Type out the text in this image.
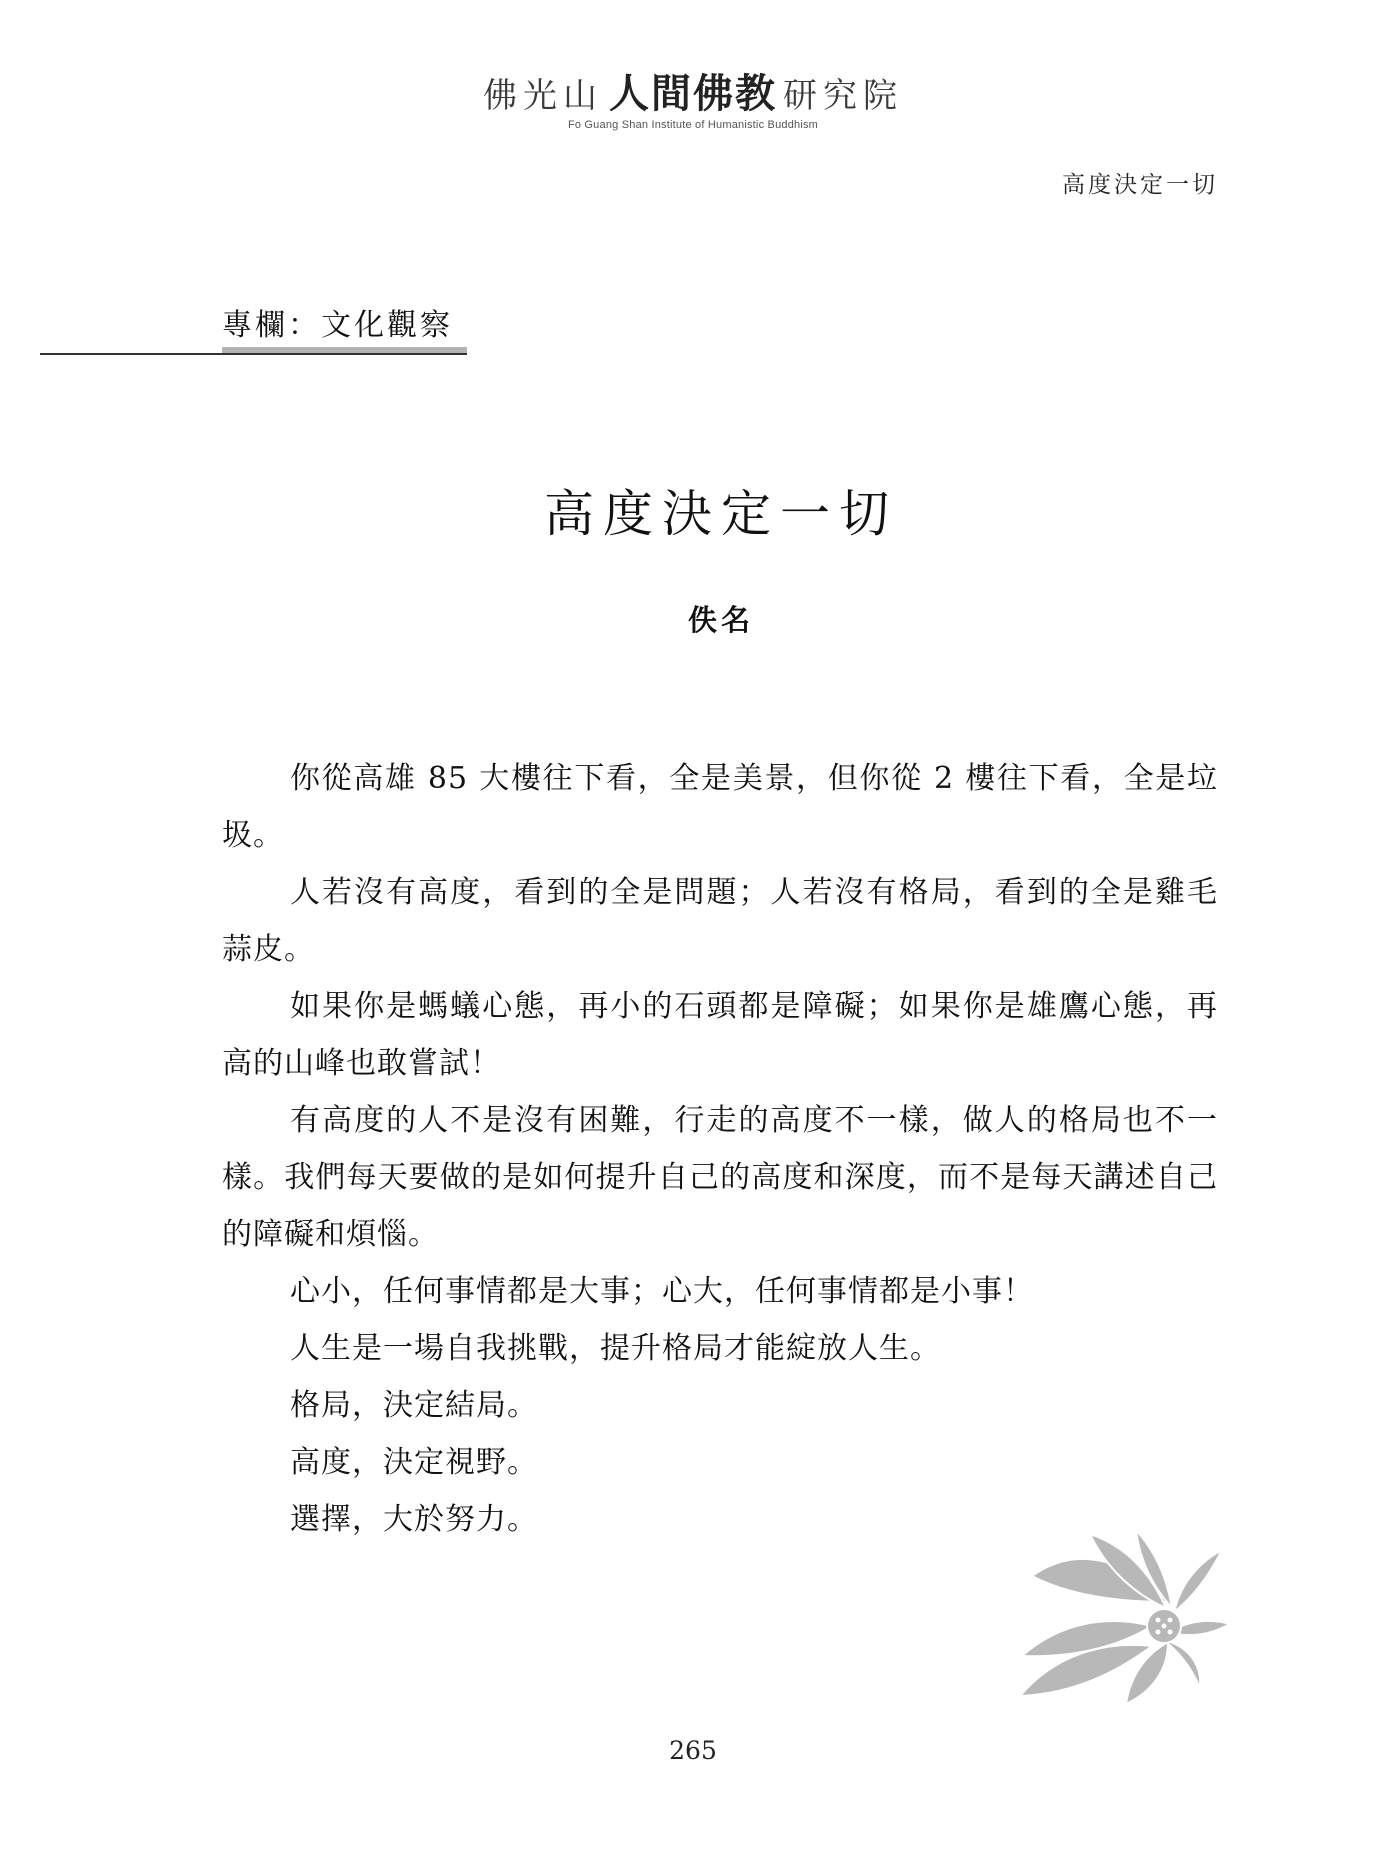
佛光山 人間佛教 研究院
Fo Guang Shan Institute of Humanistic Buddhism
高度決定一切
專欄：文化觀察
高度決定一切
佚名

你從高雄 85 大樓往下看，全是美景，但你從 2 樓往下看，全是垃圾。

人若沒有高度，看到的全是問題；人若沒有格局，看到的全是雞毛蒜皮。

如果你是螞蟻心態，再小的石頭都是障礙；如果你是雄鷹心態，再高的山峰也敢嘗試！

有高度的人不是沒有困難，行走的高度不一樣，做人的格局也不一樣。我們每天要做的是如何提升自己的高度和深度，而不是每天講述自己的障礙和煩惱。

心小，任何事情都是大事；心大，任何事情都是小事！

人生是一場自我挑戰，提升格局才能綻放人生。

格局，決定結局。

高度，決定視野。

選擇，大於努力。

265
